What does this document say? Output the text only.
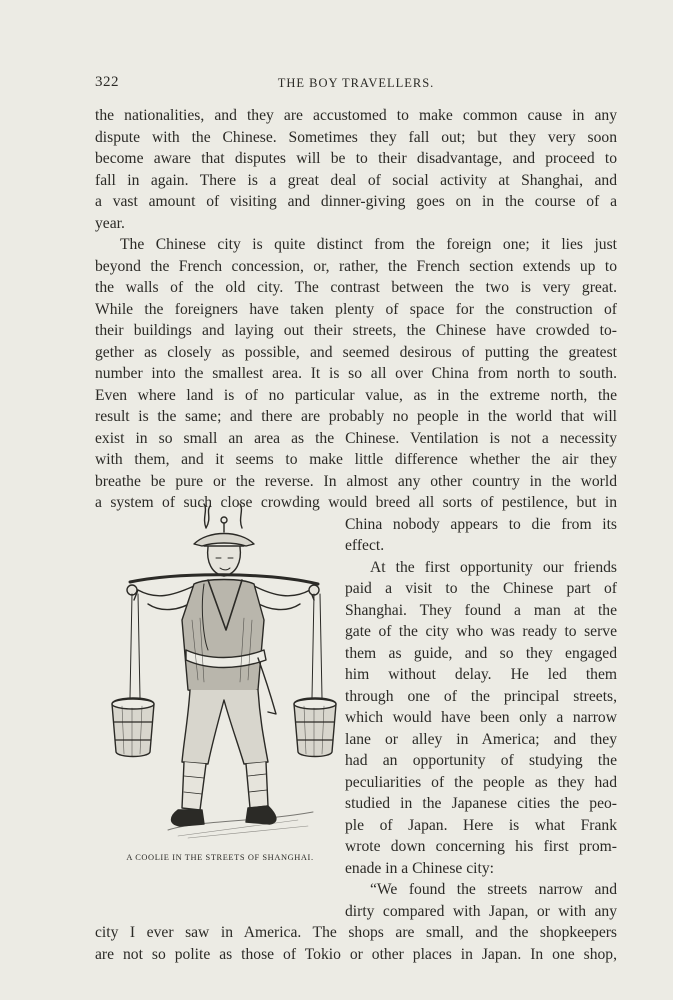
322	THE BOY TRAVELLERS.
the nationalities, and they are accustomed to make common cause in any
dispute with the Chinese. Sometimes they fall out; but they very soon
become aware that disputes will be to their disadvantage, and proceed to
fall in again. There is a great deal of social activity at Shanghai, and
a vast amount of visiting and dinner-giving goes on in the course of a
year.
The Chinese city is quite distinct from the foreign one; it lies just
beyond the French concession, or, rather, the French section extends up to
the walls of the old city. The contrast between the two is very great.
While the foreigners have taken plenty of space for the construction of
their buildings and laying out their streets, the Chinese have crowded to-
gether as closely as possible, and seemed desirous of putting the greatest
number into the smallest area. It is so all over China from north to south.
Even where land is of no particular value, as in the extreme north, the
result is the same; and there are probably no people in the world that will
exist in so small an area as the Chinese. Ventilation is not a necessity
with them, and it seems to make little difference whether the air they
breathe be pure or the reverse. In almost any other country in the world
a system of such close crowding would breed all sorts of pestilence, but in
China nobody appears to die from its
effect.
At the first opportunity our friends
paid a visit to the Chinese part of
Shanghai. They found a man at the
gate of the city who was ready to serve
them as guide, and so they engaged
him without delay. He led them
through one of the principal streets,
which would have been only a narrow
lane or alley in America; and they
had an opportunity of studying the
peculiarities of the people as they had
studied in the Japanese cities the peo-
ple of Japan. Here is what Frank
wrote down concerning his first prom-
enade in a Chinese city:
“We found the streets narrow and
dirty compared with Japan, or with any
city I ever saw in America. The shops are small, and the shopkeepers
are not so polite as those of Tokio or other places in Japan. In one shop,
A COOLIE IN THE STREETS OF SHANGHAI.
